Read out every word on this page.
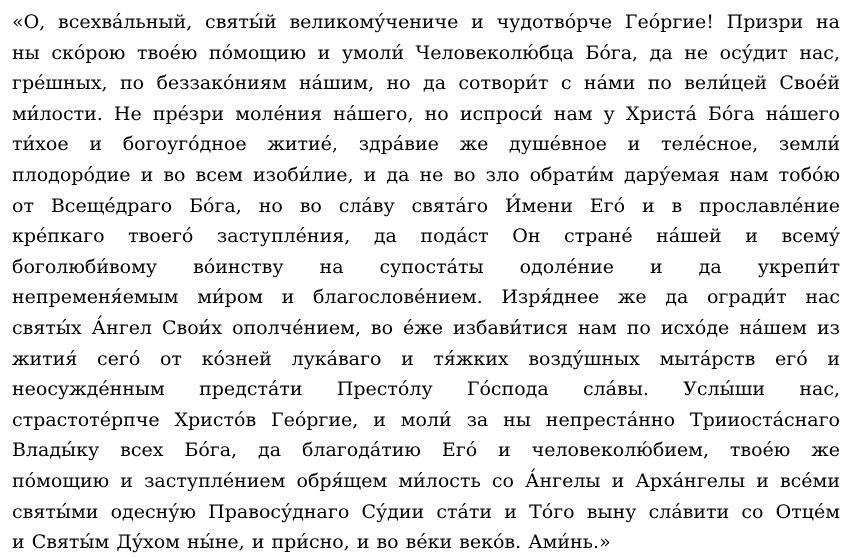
«О, всехва́льный, святы́й великому́чениче и чудотво́рче Гео́ргие! Призри на
ны ско́рою твое́ю по́мощию и умоли́ Человеколю́бца Бо́га, да не осу́дит нас,
гре́шных, по беззако́ниям на́шим, но да сотвори́т с на́ми по вели́цей Свое́й
ми́лости. Не пре́зри моле́ния на́шего, но испроси́ нам у Христа́ Бо́га на́шего
ти́хое и богоуго́дное житие́, здра́вие же душе́вное и теле́сное, земли́
плодоро́дие и во всем изоби́лие, и да не во зло обрати́м дару́емая нам тобо́ю
от Всеще́драго Бо́га, но во сла́ву свята́го И́мени Его́ и в прославле́ние
кре́пкаго твоего́ заступле́ния, да пода́ст Он стране́ на́шей и всему́
боголюби́вому во́инству на супоста́ты одоле́ние и да укрепи́т
непременя́емым ми́ром и благослове́нием. Изря́днее же да огради́т нас
святы́х А́нгел Свои́х ополче́нием, во е́же избави́тися нам по исхо́де на́шем из
жития́ сего́ от ко́зней лука́ваго и тя́жких возду́шных мыта́рств его́ и
неосужде́нным предста́ти Престо́лу Го́спода сла́вы. Услы́ши нас,
страстоте́рпче Христо́в Гео́ргие, и моли́ за ны непреста́нно Трииоста́снаго
Влады́ку всех Бо́га, да благода́тию Его́ и человеколю́бием, твое́ю же
по́мощию и заступле́нием обря́щем ми́лость со А́нгелы и Арха́нгелы и все́ми
святы́ми одесну́ю Правосу́днаго Су́дии ста́ти и То́го выну сла́вити со Отце́м
и Святы́м Ду́хом ны́не, и при́сно, и во ве́ки веко́в. Ами́нь.»
